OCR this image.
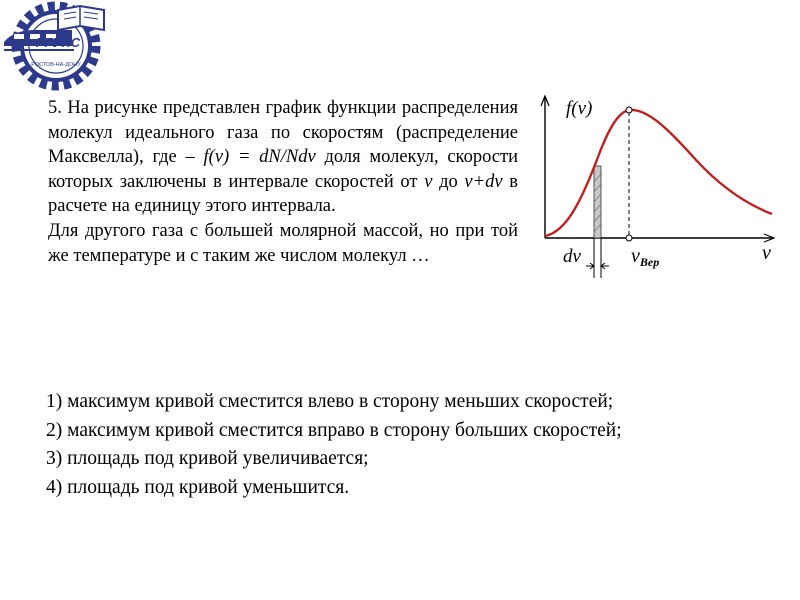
РГУПС
РОСТОВ-НА-ДОНУ

5. На рисунке представлен график функции распределения молекул идеального газа по скоростям (распределение Максвелла), где – f(v) = dN/Ndv доля молекул, скорости которых заключены в интервале скоростей от v до v+dv в расчете на единицу этого интервала.

Для другого газа с большей молярной массой, но при той же температуре и с таким же числом молекул …

f(v)
v
dv	$v_{Вер}$
1) максимум кривой сместится влево в сторону меньших скоростей;
2) максимум кривой сместится вправо в сторону больших скоростей;
3) площадь под кривой увеличивается;
4) площадь под кривой уменьшится.
